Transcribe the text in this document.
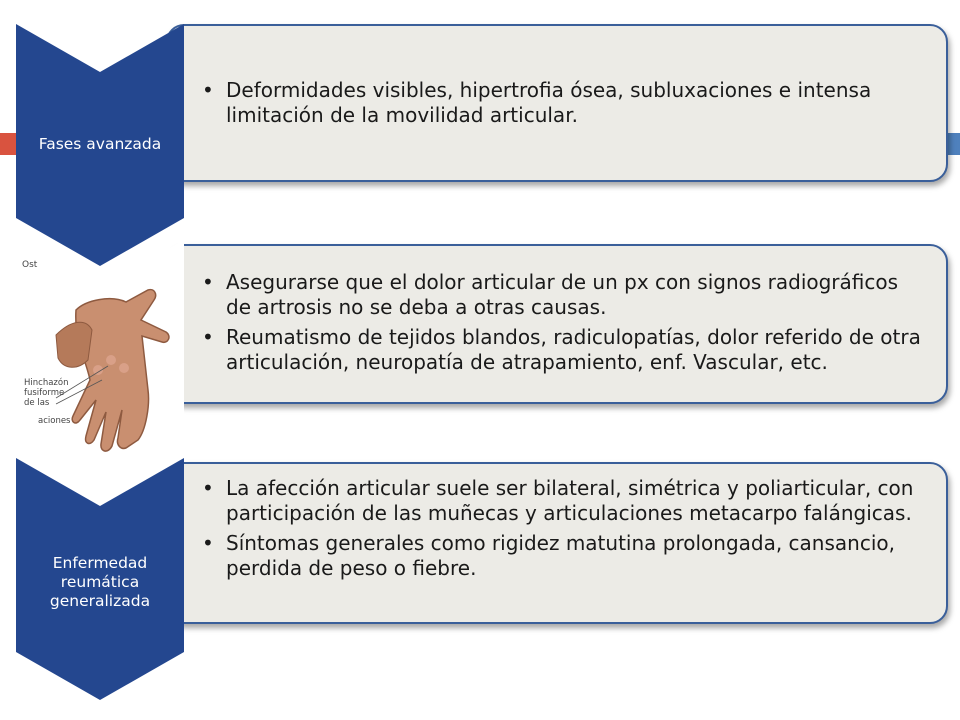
• Deformidades visibles, hipertrofia ósea, subluxaciones e intensa limitación de la movilidad articular.
Fases avanzada
• Asegurarse que el dolor articular de un px con signos radiográficos de artrosis no se deba a otras causas.
• Reumatismo de tejidos blandos, radiculopatías, dolor referido de otra articulación, neuropatía de atrapamiento, enf. Vascular, etc.
Ost
Hinchazón fusiforme de las
aciones
• La afección articular suele ser bilateral, simétrica y poliarticular, con participación de las muñecas y articulaciones metacarpo falángicas.
• Síntomas generales como rigidez matutina prolongada, cansancio, perdida de peso o fiebre.
Enfermedad reumática generalizada
